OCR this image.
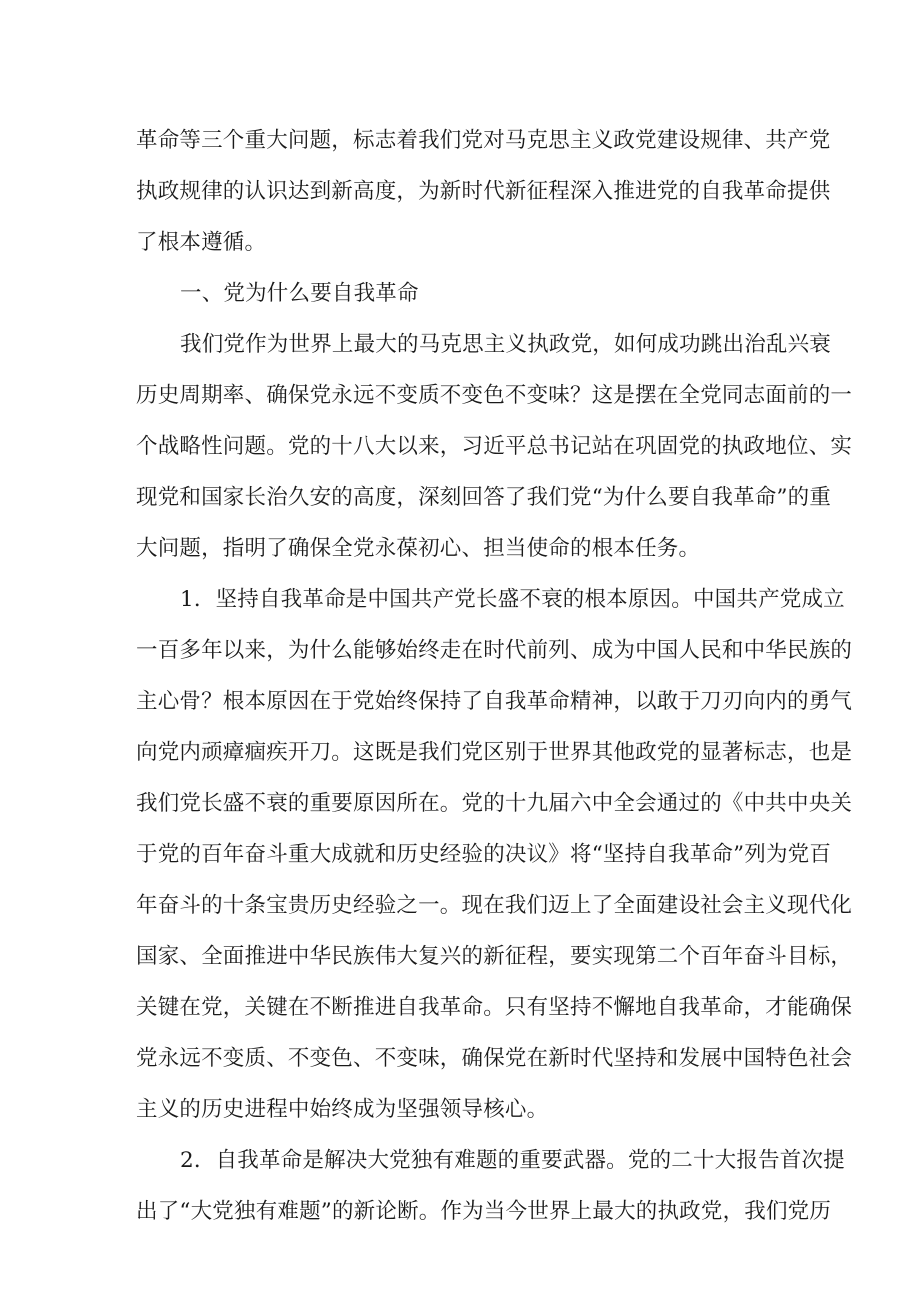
革命等三个重大问题，标志着我们党对马克思主义政党建设规律、共产党
执政规律的认识达到新高度，为新时代新征程深入推进党的自我革命提供
了根本遵循。
一、党为什么要自我革命
我们党作为世界上最大的马克思主义执政党，如何成功跳出治乱兴衰
历史周期率、确保党永远不变质不变色不变味？这是摆在全党同志面前的一
个战略性问题。党的十八大以来，习近平总书记站在巩固党的执政地位、实
现党和国家长治久安的高度，深刻回答了我们党“为什么要自我革命”的重
大问题，指明了确保全党永葆初心、担当使命的根本任务。
1．坚持自我革命是中国共产党长盛不衰的根本原因。中国共产党成立
一百多年以来，为什么能够始终走在时代前列、成为中国人民和中华民族的
主心骨？根本原因在于党始终保持了自我革命精神，以敢于刀刃向内的勇气
向党内顽瘴痼疾开刀。这既是我们党区别于世界其他政党的显著标志，也是
我们党长盛不衰的重要原因所在。党的十九届六中全会通过的《中共中央关
于党的百年奋斗重大成就和历史经验的决议》将“坚持自我革命”列为党百
年奋斗的十条宝贵历史经验之一。现在我们迈上了全面建设社会主义现代化
国家、全面推进中华民族伟大复兴的新征程，要实现第二个百年奋斗目标，
关键在党，关键在不断推进自我革命。只有坚持不懈地自我革命，才能确保
党永远不变质、不变色、不变味，确保党在新时代坚持和发展中国特色社会
主义的历史进程中始终成为坚强领导核心。
2．自我革命是解决大党独有难题的重要武器。党的二十大报告首次提
出了“大党独有难题”的新论断。作为当今世界上最大的执政党，我们党历
